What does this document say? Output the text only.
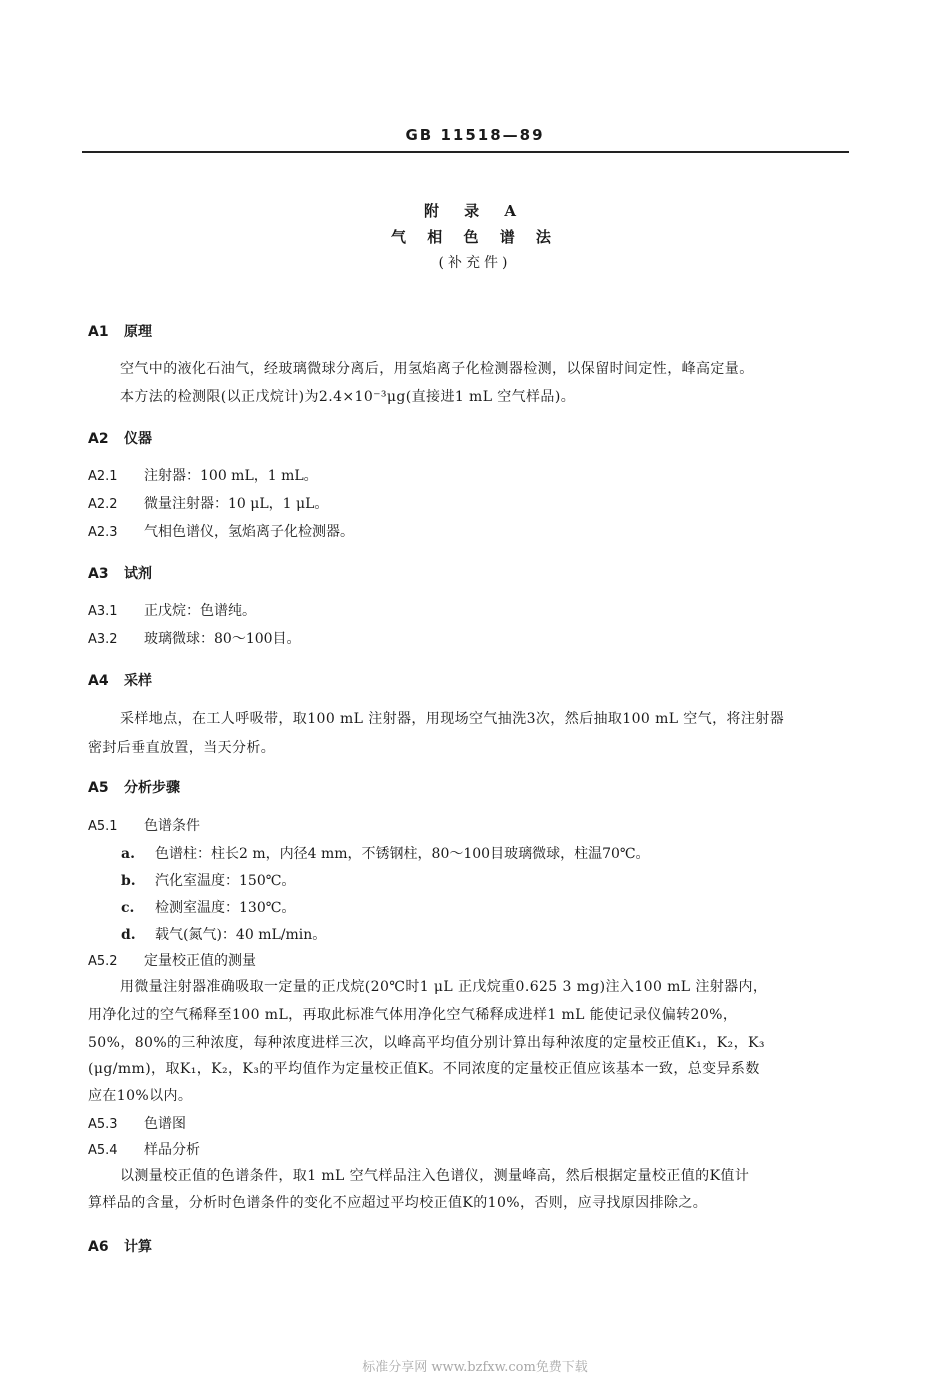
GB 11518—89
附 录 A
气 相 色 谱 法
(补充件)
A1 原理
空气中的液化石油气，经玻璃微球分离后，用氢焰离子化检测器检测，以保留时间定性，峰高定量。
本方法的检测限(以正戊烷计)为2.4×10⁻³μg(直接进1 mL 空气样品)。
A2 仪器
A2.1 注射器：100 mL，1 mL。
A2.2 微量注射器：10 μL，1 μL。
A2.3 气相色谱仪，氢焰离子化检测器。
A3 试剂
A3.1 正戊烷：色谱纯。
A3.2 玻璃微球：80～100目。
A4 采样
采样地点，在工人呼吸带，取100 mL 注射器，用现场空气抽洗3次，然后抽取100 mL 空气，将注射器
密封后垂直放置，当天分析。
A5 分析步骤
A5.1 色谱条件
a. 色谱柱：柱长2 m，内径4 mm，不锈钢柱，80～100目玻璃微球，柱温70℃。
b. 汽化室温度：150℃。
c. 检测室温度：130℃。
d. 载气(氮气)：40 mL/min。
A5.2 定量校正值的测量
用微量注射器准确吸取一定量的正戊烷(20℃时1 μL 正戊烷重0.625 3 mg)注入100 mL 注射器内，
用净化过的空气稀释至100 mL，再取此标准气体用净化空气稀释成进样1 mL 能使记录仪偏转20%，
50%，80%的三种浓度，每种浓度进样三次，以峰高平均值分别计算出每种浓度的定量校正值K₁，K₂，K₃
(μg/mm)，取K₁，K₂，K₃的平均值作为定量校正值K。不同浓度的定量校正值应该基本一致，总变异系数
应在10%以内。
A5.3 色谱图
A5.4 样品分析
以测量校正值的色谱条件，取1 mL 空气样品注入色谱仪，测量峰高，然后根据定量校正值的K值计
算样品的含量，分析时色谱条件的变化不应超过平均校正值K的10%，否则，应寻找原因排除之。
A6 计算
标准分享网 www.bzfxw.com免费下载
